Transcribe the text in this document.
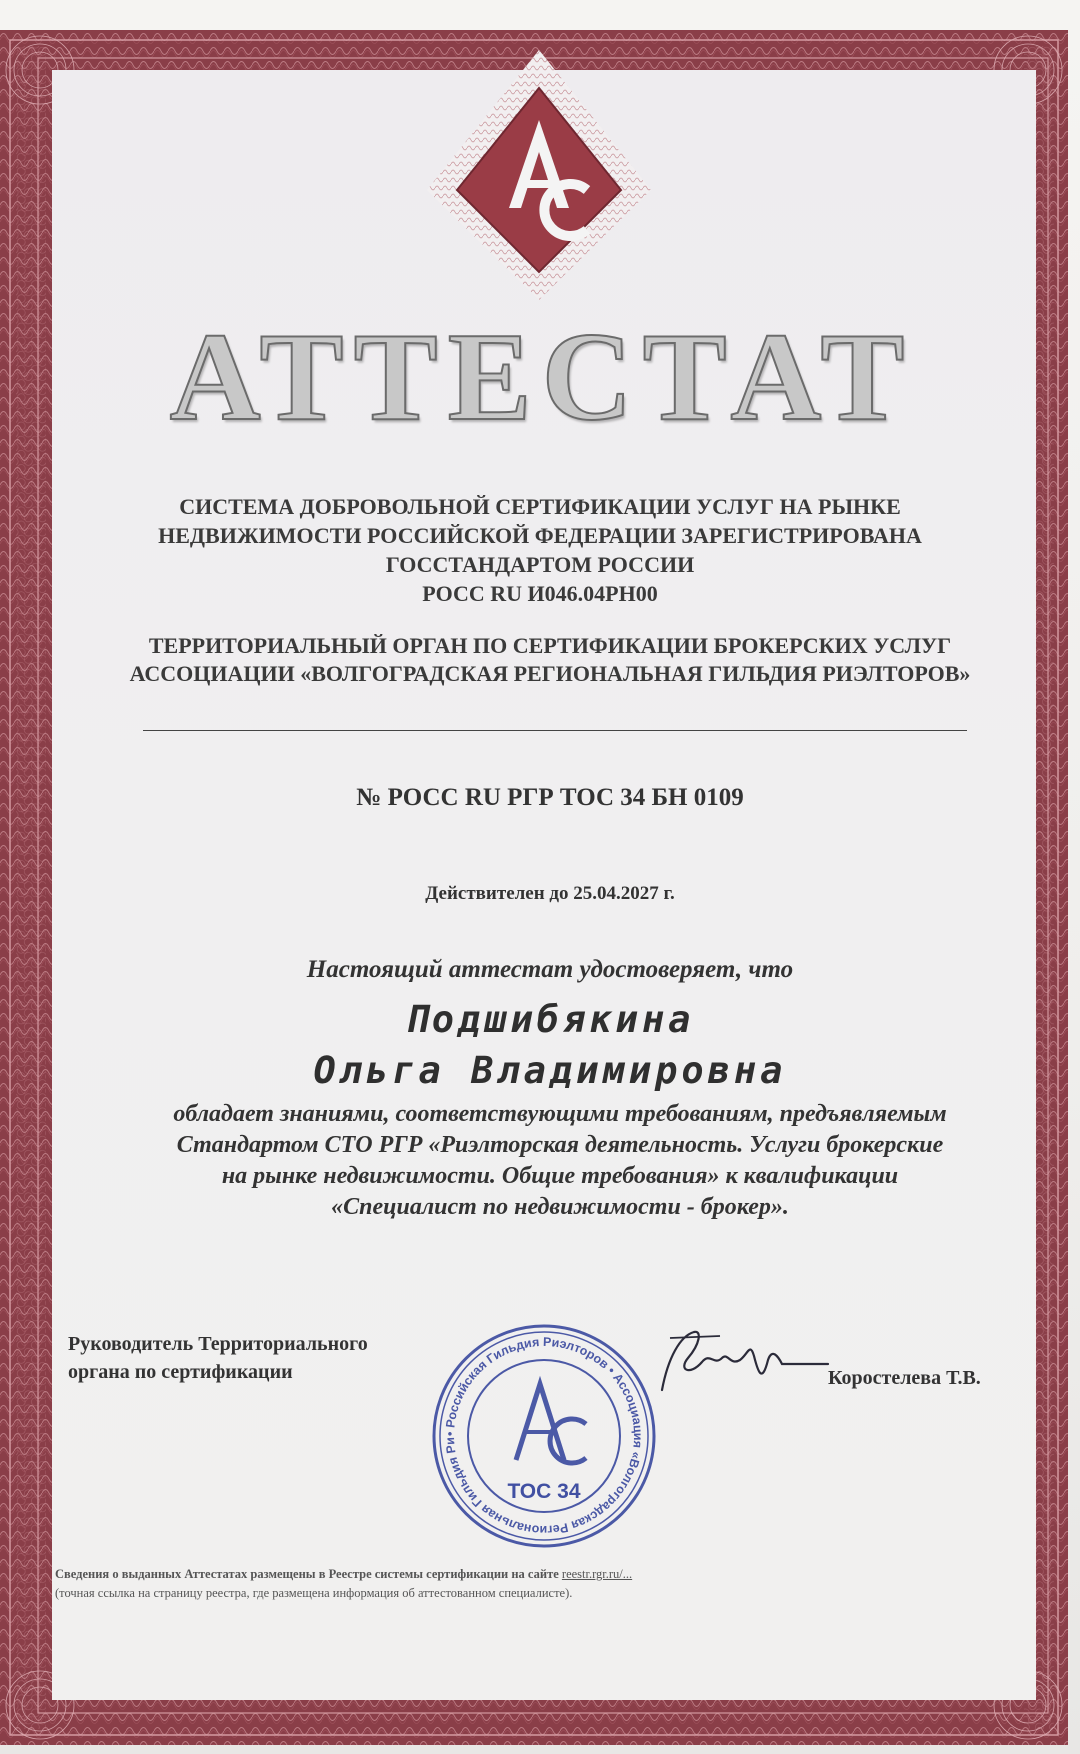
АТТЕСТАТ
СИСТЕМА ДОБРОВОЛЬНОЙ СЕРТИФИКАЦИИ УСЛУГ НА РЫНКЕ
НЕДВИЖИМОСТИ РОССИЙСКОЙ ФЕДЕРАЦИИ ЗАРЕГИСТРИРОВАНА
ГОССТАНДАРТОМ РОССИИ
РОСС RU И046.04РН00
ТЕРРИТОРИАЛЬНЫЙ ОРГАН ПО СЕРТИФИКАЦИИ БРОКЕРСКИХ УСЛУГ
АССОЦИАЦИИ «ВОЛГОГРАДСКАЯ РЕГИОНАЛЬНАЯ ГИЛЬДИЯ РИЭЛТОРОВ»
№ РОСС RU РГР ТОС 34 БН 0109
Действителен до 25.04.2027 г.
Настоящий аттестат удостоверяет, что
Подшибякина
Ольга Владимировна
обладает знаниями, соответствующими требованиям, предъявляемым
Стандартом СТО РГР «Риэлторская деятельность. Услуги брокерские
на рынке недвижимости. Общие требования» к квалификации
«Специалист по недвижимости - брокер».
Руководитель Территориального
органа по сертификации
• Российская Гильдия Риэлторов • Ассоциация «Волгоградская Региональная Гильдия Ри
ТОС 34
Коростелева Т.В.
Сведения о выданных Аттестатах размещены в Реестре системы сертификации на сайте reestr.rgr.ru/...
(точная ссылка на страницу реестра, где размещена информация об аттестованном специалисте).
